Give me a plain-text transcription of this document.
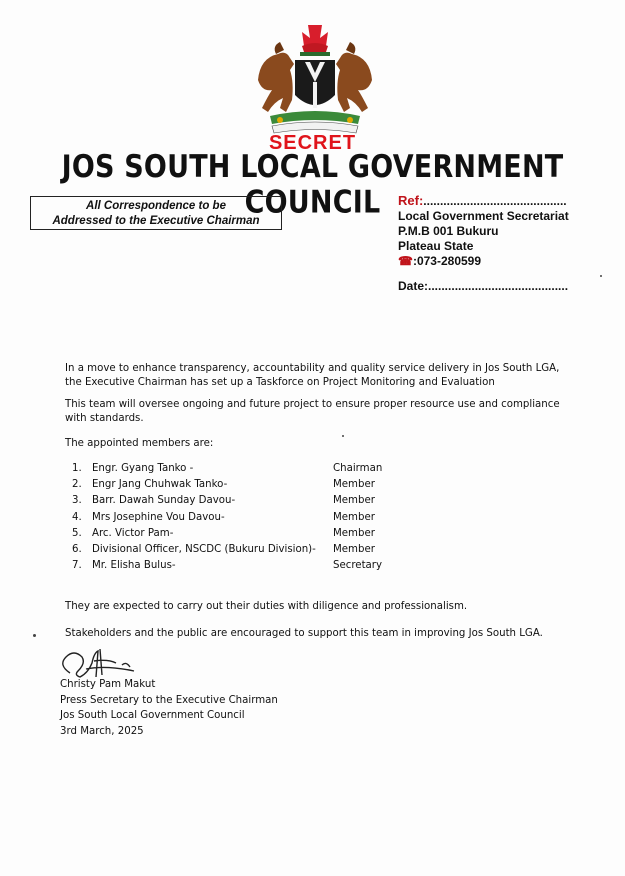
SECRET
JOS SOUTH LOCAL GOVERNMENT COUNCIL
All Correspondence to be
Addressed to the Executive Chairman
Ref:...........................................
Local Government Secretariat
P.M.B 001 Bukuru
Plateau State
☎:073-280599
Date:..........................................
In a move to enhance transparency, accountability and quality service delivery in Jos South LGA,
the Executive Chairman has set up a Taskforce on Project Monitoring and Evaluation
This team will oversee ongoing and future project to ensure proper resource use and compliance
with standards.
The appointed members are:
1.	Engr. Gyang Tanko -	Chairman
2.	Engr Jang Chuhwak Tanko-	Member
3.	Barr. Dawah Sunday Davou-	Member
4.	Mrs Josephine Vou Davou-	Member
5.	Arc. Victor Pam-	Member
6.	Divisional Officer, NSCDC (Bukuru Division)-	Member
7.	Mr. Elisha Bulus-	Secretary
They are expected to carry out their duties with diligence and professionalism.
Stakeholders and the public are encouraged to support this team in improving Jos South LGA.
Christy Pam Makut
Press Secretary to the Executive Chairman
Jos South Local Government Council
3rd March, 2025
